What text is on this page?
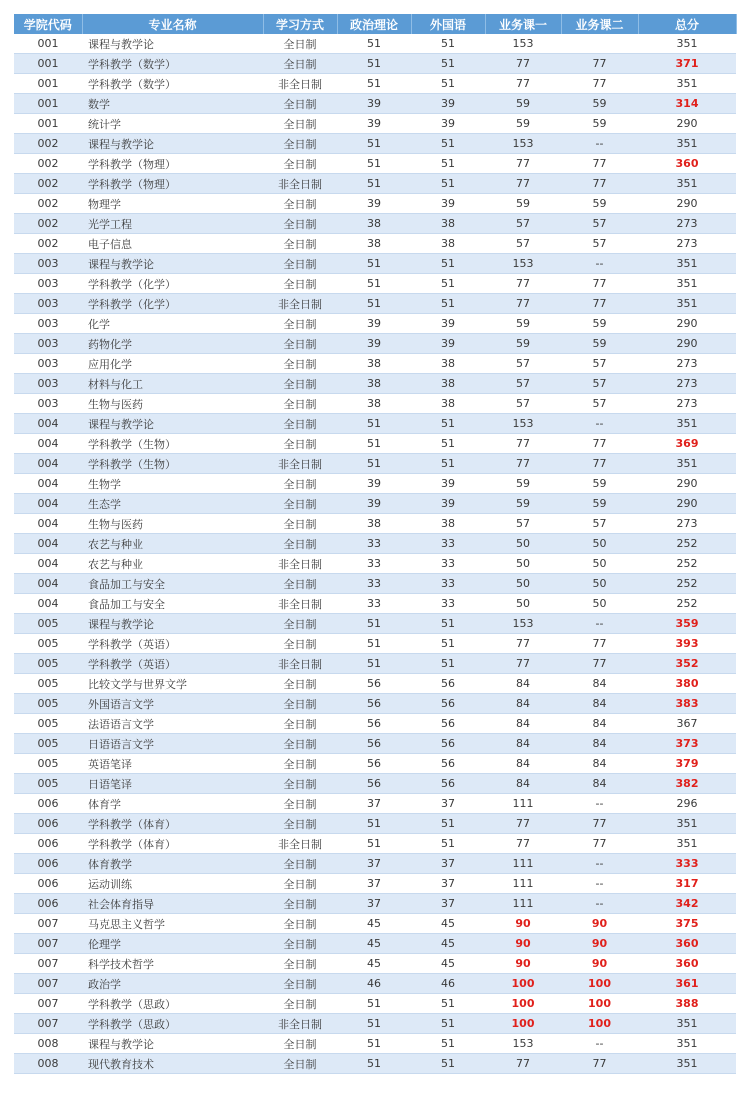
学院代码	专业名称	学习方式	政治理论	外国语	业务课一	业务课二	总分
001	课程与教学论	全日制	51	51	153		351
001	学科教学（数学）	全日制	51	51	77	77	371
001	学科教学（数学）	非全日制	51	51	77	77	351
001	数学	全日制	39	39	59	59	314
001	统计学	全日制	39	39	59	59	290
002	课程与教学论	全日制	51	51	153	--	351
002	学科教学（物理）	全日制	51	51	77	77	360
002	学科教学（物理）	非全日制	51	51	77	77	351
002	物理学	全日制	39	39	59	59	290
002	光学工程	全日制	38	38	57	57	273
002	电子信息	全日制	38	38	57	57	273
003	课程与教学论	全日制	51	51	153	--	351
003	学科教学（化学）	全日制	51	51	77	77	351
003	学科教学（化学）	非全日制	51	51	77	77	351
003	化学	全日制	39	39	59	59	290
003	药物化学	全日制	39	39	59	59	290
003	应用化学	全日制	38	38	57	57	273
003	材料与化工	全日制	38	38	57	57	273
003	生物与医药	全日制	38	38	57	57	273
004	课程与教学论	全日制	51	51	153	--	351
004	学科教学（生物）	全日制	51	51	77	77	369
004	学科教学（生物）	非全日制	51	51	77	77	351
004	生物学	全日制	39	39	59	59	290
004	生态学	全日制	39	39	59	59	290
004	生物与医药	全日制	38	38	57	57	273
004	农艺与种业	全日制	33	33	50	50	252
004	农艺与种业	非全日制	33	33	50	50	252
004	食品加工与安全	全日制	33	33	50	50	252
004	食品加工与安全	非全日制	33	33	50	50	252
005	课程与教学论	全日制	51	51	153	--	359
005	学科教学（英语）	全日制	51	51	77	77	393
005	学科教学（英语）	非全日制	51	51	77	77	352
005	比较文学与世界文学	全日制	56	56	84	84	380
005	外国语言文学	全日制	56	56	84	84	383
005	法语语言文学	全日制	56	56	84	84	367
005	日语语言文学	全日制	56	56	84	84	373
005	英语笔译	全日制	56	56	84	84	379
005	日语笔译	全日制	56	56	84	84	382
006	体育学	全日制	37	37	111	--	296
006	学科教学（体育）	全日制	51	51	77	77	351
006	学科教学（体育）	非全日制	51	51	77	77	351
006	体育教学	全日制	37	37	111	--	333
006	运动训练	全日制	37	37	111	--	317
006	社会体育指导	全日制	37	37	111	--	342
007	马克思主义哲学	全日制	45	45	90	90	375
007	伦理学	全日制	45	45	90	90	360
007	科学技术哲学	全日制	45	45	90	90	360
007	政治学	全日制	46	46	100	100	361
007	学科教学（思政）	全日制	51	51	100	100	388
007	学科教学（思政）	非全日制	51	51	100	100	351
008	课程与教学论	全日制	51	51	153	--	351
008	现代教育技术	全日制	51	51	77	77	351
